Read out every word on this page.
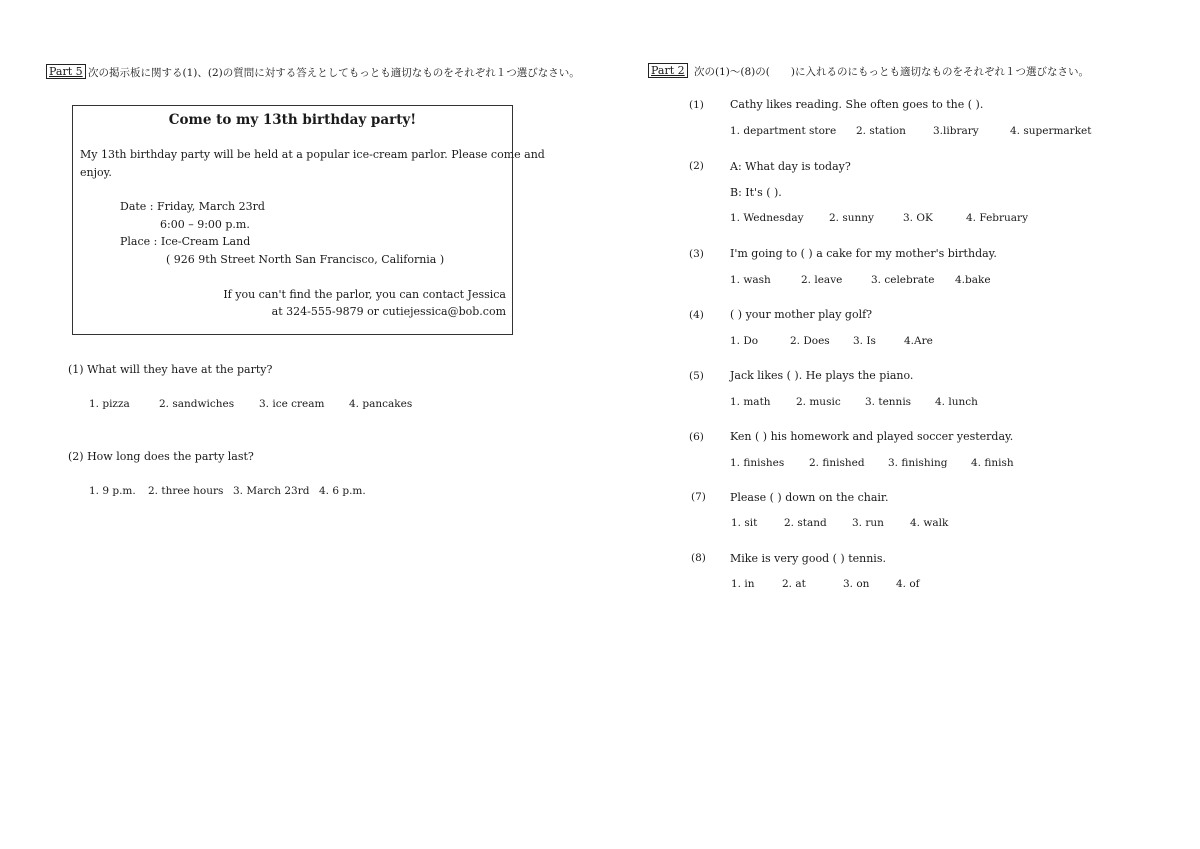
Part 5 次の掲示板に関する(1)、(2)の質問に対する答えとしてもっとも適切なものをそれぞれ１つ選びなさい。
Come to my 13th birthday party!
My 13th birthday party will be held at a popular ice-cream parlor. Please come and
enjoy.
Date : Friday, March 23rd
6:00 – 9:00 p.m.
Place : Ice-Cream Land
( 926 9th Street North San Francisco, California )
If you can't find the parlor, you can contact Jessica
at 324-555-9879 or cutiejessica@bob.com
(1) What will they have at the party?
1. pizza	2. sandwiches 3. ice cream 4. pancakes
(2) How long does the party last?
1. 9 p.m. 2. three hours 3. March 23rd 4. 6 p.m.
Part 2 次の(1)～(8)の(　　)に入れるのにもっとも適切なものをそれぞれ１つ選びなさい。
(1) Cathy likes reading. She often goes to the ( ).
1. department store 2. station	3.library	4. supermarket
(2) A: What day is today?
B: It's ( ).
1. Wednesday 2. sunny	3. OK	4. February
(3) I'm going to ( ) a cake for my mother's birthday.
1. wash	2. leave	3. celebrate 4.bake
(4) ( ) your mother play golf?
1. Do	2. Does 3. Is	4.Are
(5) Jack likes ( ). He plays the piano.
1. math 2. music 3. tennis 4. lunch
(6) Ken ( ) his homework and played soccer yesterday.
1. finishes 2. finished 3. finishing 4. finish
(7) Please ( ) down on the chair.
1. sit	2. stand 3. run 4. walk
(8) Mike is very good ( ) tennis.
1. in	2. at	3. on	4. of
